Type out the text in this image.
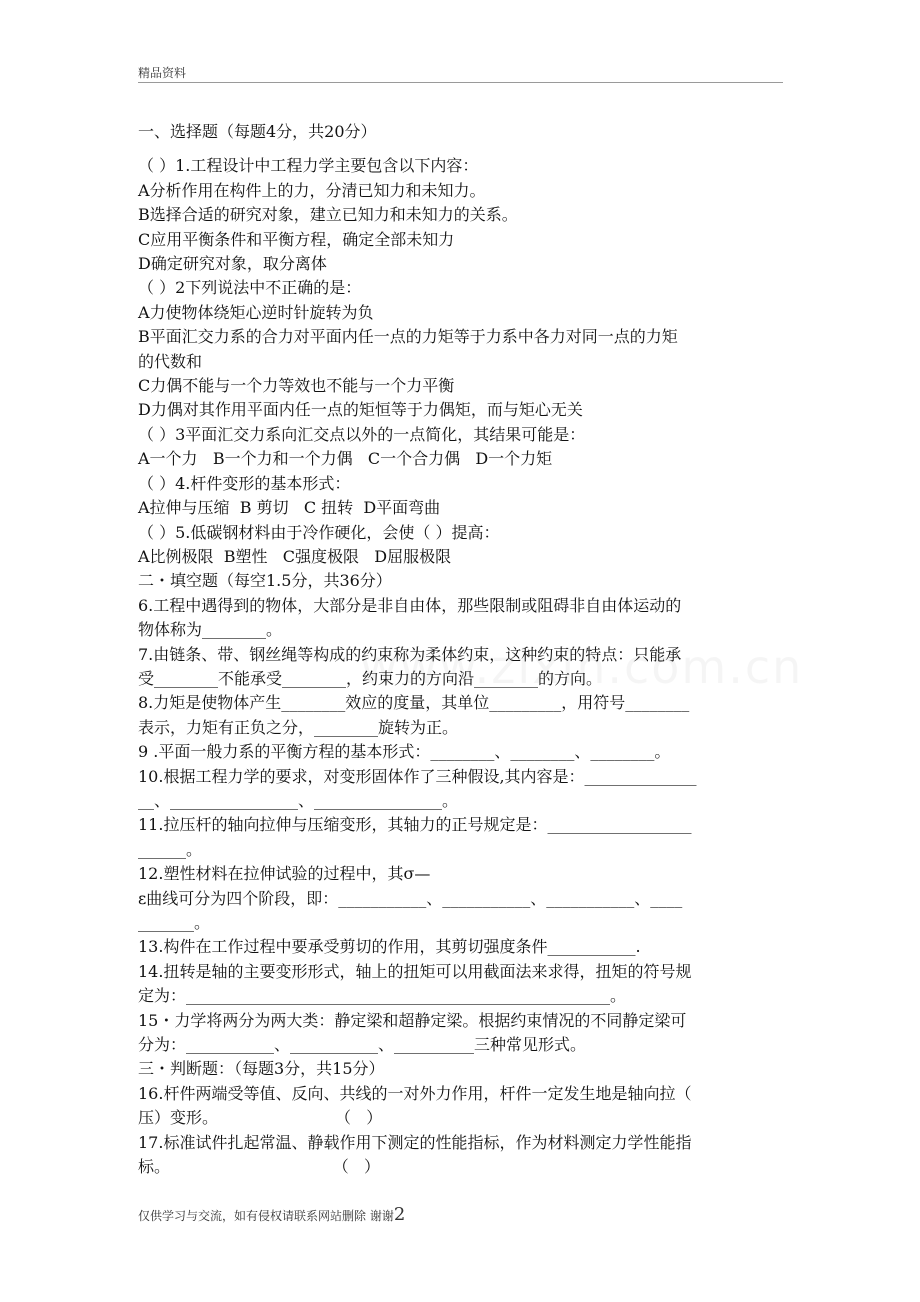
精品资料

一、选择题（每题4分，共20分）

（ ）1.工程设计中工程力学主要包含以下内容：

A分析作用在构件上的力，分清已知力和未知力。

B选择合适的研究对象，建立已知力和未知力的关系。

C应用平衡条件和平衡方程，确定全部未知力

D确定研究对象，取分离体

（ ）2下列说法中不正确的是：

A力使物体绕矩心逆时针旋转为负

B平面汇交力系的合力对平面内任一点的力矩等于力系中各力对同一点的力矩

的代数和

C力偶不能与一个力等效也不能与一个力平衡

D力偶对其作用平面内任一点的矩恒等于力偶矩，而与矩心无关

（ ）3平面汇交力系向汇交点以外的一点简化，其结果可能是：

A一个力   B一个力和一个力偶   C一个合力偶   D一个力矩

（ ）4.杆件变形的基本形式：

A拉伸与压缩  B 剪切   C 扭转  D平面弯曲

（ ）5.低碳钢材料由于冷作硬化，会使（ ）提高：

A比例极限  B塑性   C强度极限   D屈服极限

二・填空题（每空1.5分，共36分）

6.工程中遇得到的物体，大部分是非自由体，那些限制或阻碍非自由体运动的

物体称为________。

7.由链条、带、钢丝绳等构成的约束称为柔体约束，这种约束的特点：只能承

受________不能承受________，约束力的方向沿________的方向。

8.力矩是使物体产生________效应的度量，其单位_________，用符号________

表示，力矩有正负之分，________旋转为正。

9 .平面一般力系的平衡方程的基本形式：________、________、________。

10.根据工程力学的要求，对变形固体作了三种假设,其内容是：______________

__、________________、________________。

11.拉压杆的轴向拉伸与压缩变形，其轴力的正号规定是：__________________

______。

12.塑性材料在拉伸试验的过程中，其σ—

ε曲线可分为四个阶段，即：___________、___________、___________、____

_______。

13.构件在工作过程中要承受剪切的作用，其剪切强度条件___________.

14.扭转是轴的主要变形形式，轴上的扭矩可以用截面法来求得，扭矩的符号规

定为：_____________________________________________________。

15・力学将两分为两大类：静定梁和超静定梁。根据约束情况的不同静定梁可

分为：___________、___________、__________三种常见形式。

三・判断题：（每题3分，共15分）

16.杆件两端受等值、反向、共线的一对外力作用，杆件一定发生地是轴向拉（

压）变形。                       （   ）

17.标准试件扎起常温、静载作用下测定的性能指标，作为材料测定力学性能指

标。                                （   ）

仅供学习与交流，如有侵权请联系网站删除 谢谢2
